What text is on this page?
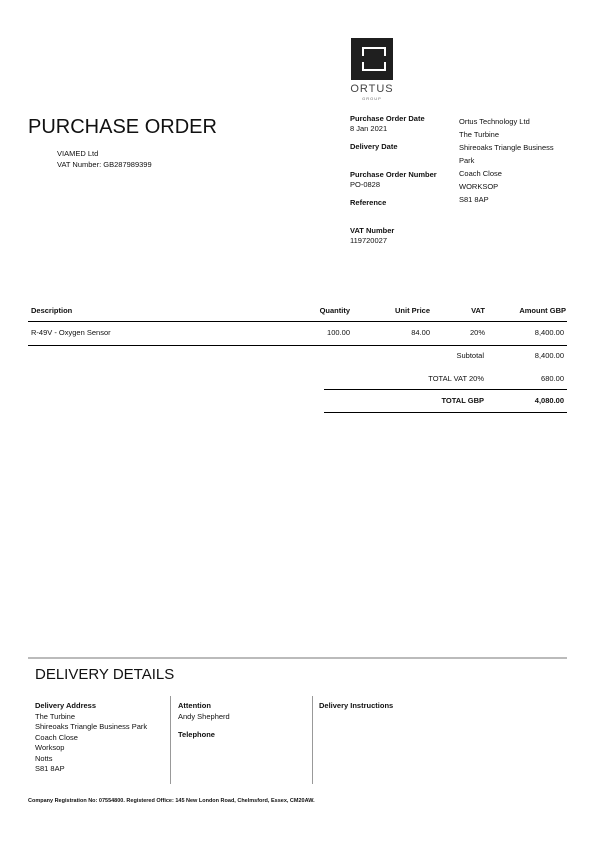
ORTUS
GROUP
PURCHASE ORDER
VIAMED Ltd
VAT Number: GB287989399
Purchase Order Date
8 Jan 2021
Delivery Date

Purchase Order Number
PO-0828
Reference

VAT Number
119720027
Ortus Technology Ltd
The Turbine
Shireoaks Triangle Business
Park
Coach Close
WORKSOP
S81 8AP
Description	Quantity	Unit Price	VAT	Amount GBP
R-49V - Oxygen Sensor	100.00	84.00	20%	8,400.00
Subtotal	8,400.00
TOTAL VAT 20%	680.00
TOTAL GBP	4,080.00
DELIVERY DETAILS
Delivery Address
The Turbine
Shireoaks Triangle Business Park
Coach Close
Worksop
Notts
S81 8AP
Attention
Andy Shepherd
Telephone
Delivery Instructions
Company Registration No: 07554800. Registered Office: 145 New London Road, Chelmsford, Essex, CM20AW.
